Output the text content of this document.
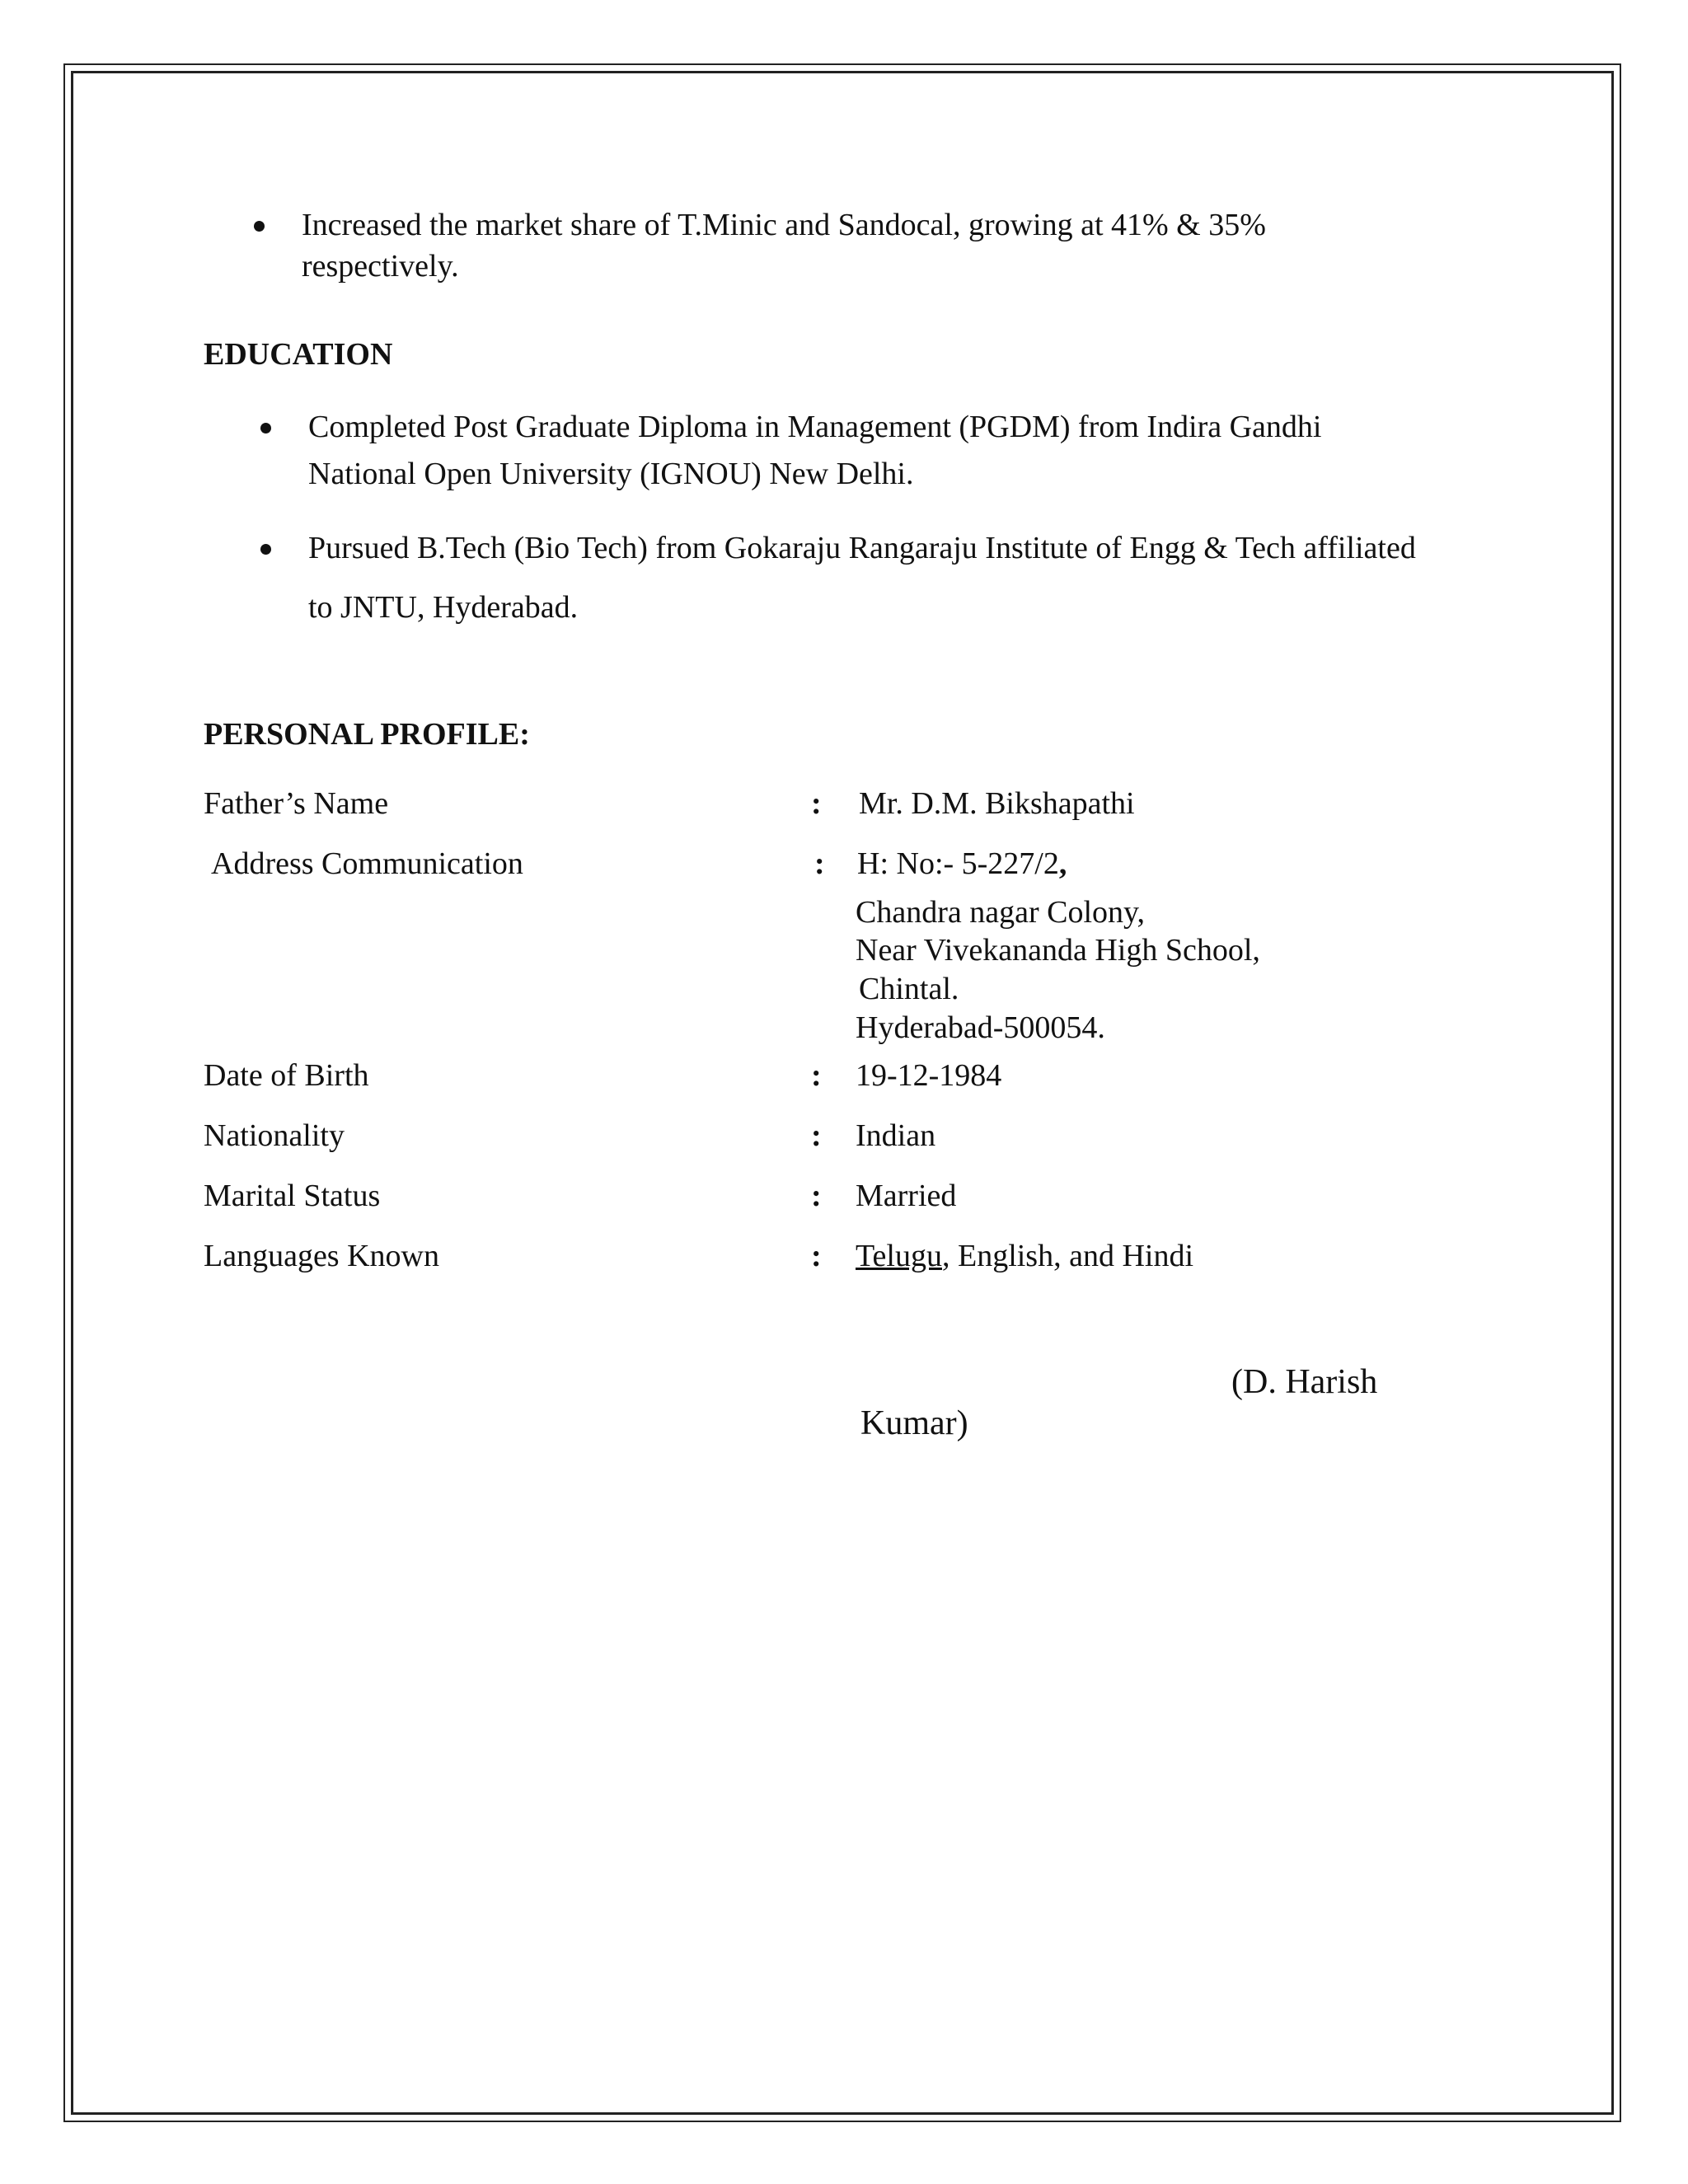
Increased the market share of T.Minic and Sandocal, growing at 41% & 35%
respectively.
EDUCATION
Completed Post Graduate Diploma in Management (PGDM) from Indira Gandhi
National Open University (IGNOU) New Delhi.
Pursued B.Tech (Bio Tech) from Gokaraju Rangaraju Institute of Engg & Tech affiliated
to JNTU, Hyderabad.
PERSONAL PROFILE:
Father’s Name	: Mr. D.M. Bikshapathi
Address Communication	: H: No:- 5-227/2,
Chandra nagar Colony,
Near Vivekananda High School,
Chintal.
Hyderabad-500054.
Date of Birth	: 19-12-1984
Nationality	: Indian
Marital Status	: Married
Languages Known	: Telugu, English, and Hindi
(D. Harish
Kumar)
